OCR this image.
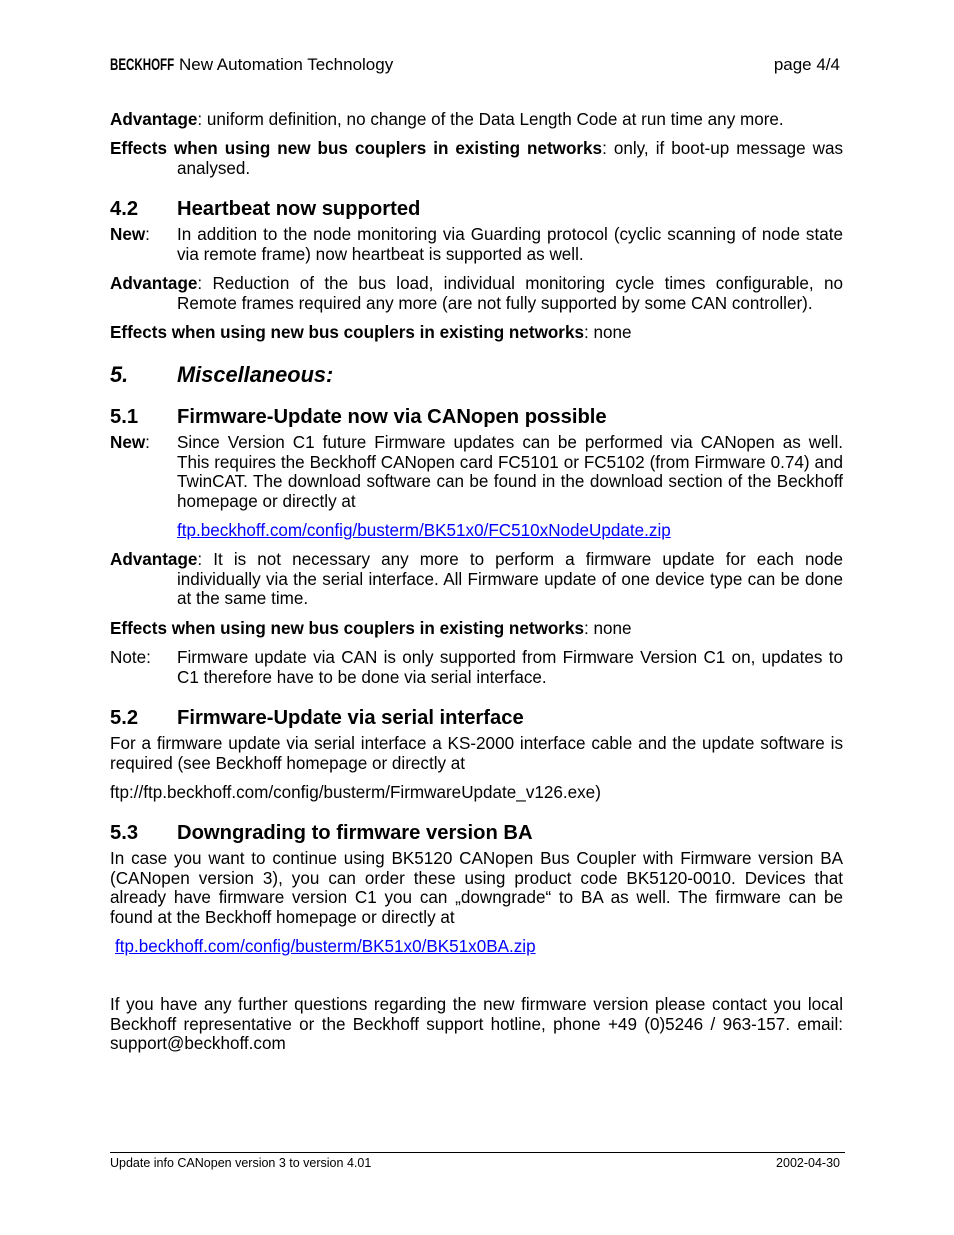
BECKHOFF New Automation Technology	page 4/4
Advantage: uniform definition, no change of the Data Length Code at run time any more.
Effects when using new bus couplers in existing networks: only, if boot-up message was
analysed.
4.2 Heartbeat now supported
New: In addition to the node monitoring via Guarding protocol (cyclic scanning of node state
via remote frame) now heartbeat is supported as well.
Advantage: Reduction of the bus load, individual monitoring cycle times configurable, no
Remote frames required any more (are not fully supported by some CAN controller).
Effects when using new bus couplers in existing networks: none
5. Miscellaneous:
5.1 Firmware-Update now via CANopen possible
New: Since Version C1 future Firmware updates can be performed via CANopen as well.
This requires the Beckhoff CANopen card FC5101 or FC5102 (from Firmware 0.74) and
TwinCAT. The download software can be found in the download section of the Beckhoff
homepage or directly at
ftp.beckhoff.com/config/busterm/BK51x0/FC510xNodeUpdate.zip
Advantage: It is not necessary any more to perform a firmware update for each node
individually via the serial interface. All Firmware update of one device type can be done
at the same time.
Effects when using new bus couplers in existing networks: none
Note: Firmware update via CAN is only supported from Firmware Version C1 on, updates to
C1 therefore have to be done via serial interface.
5.2 Firmware-Update via serial interface
For a firmware update via serial interface a KS-2000 interface cable and the update software is
required (see Beckhoff homepage or directly at
ftp://ftp.beckhoff.com/config/busterm/FirmwareUpdate_v126.exe)
5.3 Downgrading to firmware version BA
In case you want to continue using BK5120 CANopen Bus Coupler with Firmware version BA
(CANopen version 3), you can order these using product code BK5120-0010. Devices that
already have firmware version C1 you can „downgrade“ to BA as well. The firmware can be
found at the Beckhoff homepage or directly at
ftp.beckhoff.com/config/busterm/BK51x0/BK51x0BA.zip
If you have any further questions regarding the new firmware version please contact you local
Beckhoff representative or the Beckhoff support hotline, phone +49 (0)5246 / 963-157. email:
support@beckhoff.com
Update info CANopen version 3 to version 4.01	2002-04-30
